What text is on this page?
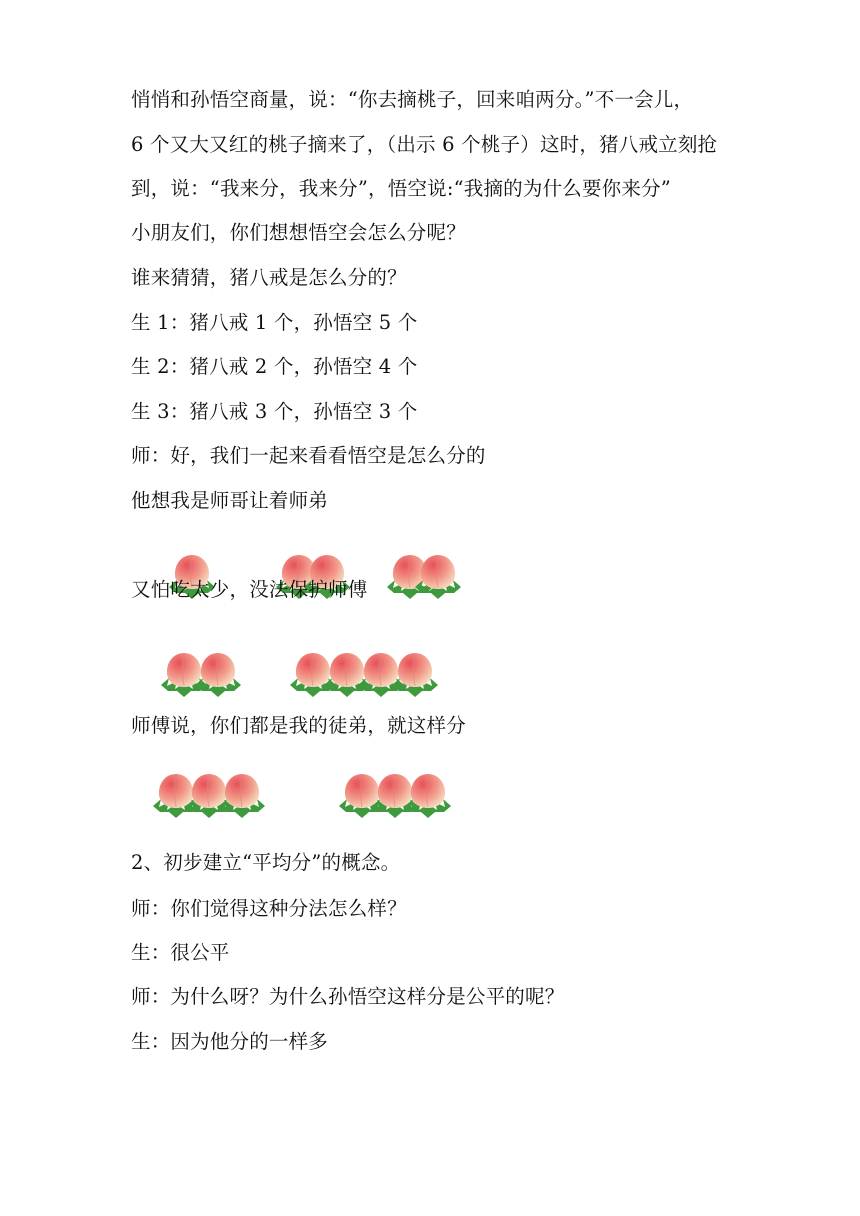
悄悄和孙悟空商量，说：“你去摘桃子，回来咱两分。”不一会儿，
6 个又大又红的桃子摘来了，（出示 6 个桃子）这时，猪八戒立刻抢
到，说：“我来分，我来分”，悟空说:“我摘的为什么要你来分”
小朋友们，你们想想悟空会怎么分呢？
谁来猜猜，猪八戒是怎么分的？
生 1：猪八戒 1 个，孙悟空 5 个
生 2：猪八戒 2 个，孙悟空 4 个
生 3：猪八戒 3 个，孙悟空 3 个
师：好，我们一起来看看悟空是怎么分的
他想我是师哥让着师弟
又怕吃太少，没法保护师傅
师傅说，你们都是我的徒弟，就这样分
2、初步建立“平均分”的概念。
师：你们觉得这种分法怎么样？
生：很公平
师：为什么呀？为什么孙悟空这样分是公平的呢？
生：因为他分的一样多
